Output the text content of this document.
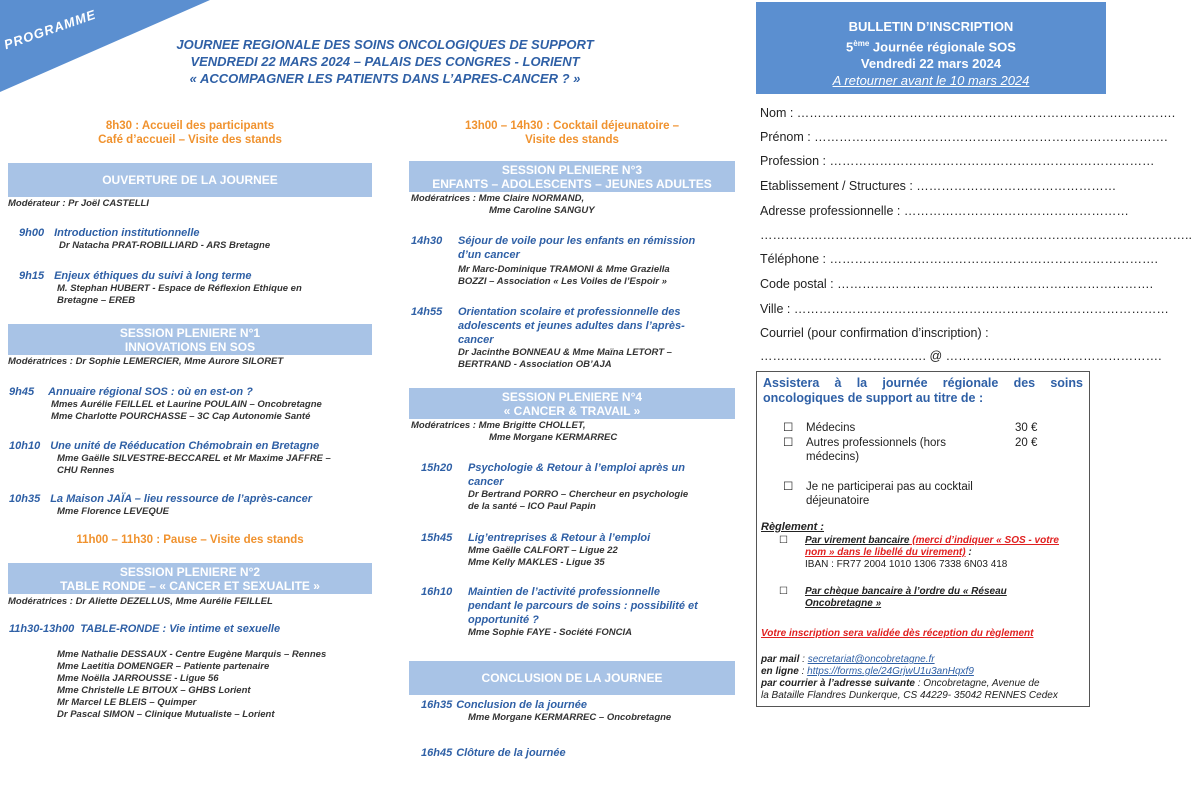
PROGRAMME	JOURNEE REGIONALE DES SOINS ONCOLOGIQUES DE SUPPORT
VENDREDI 22 MARS 2024 – PALAIS DES CONGRES - LORIENT
« ACCOMPAGNER LES PATIENTS DANS L’APRES-CANCER ? »
8h30 : Accueil des participants
Café d’accueil – Visite des stands
OUVERTURE DE LA JOURNEE
Modérateur : Pr Joël CASTELLI
9h00 Introduction institutionnelle
Dr Natacha PRAT-ROBILLIARD - ARS Bretagne
9h15 Enjeux éthiques du suivi à long terme
M. Stephan HUBERT - Espace de Réflexion Ethique en
Bretagne – EREB
SESSION PLENIERE N°1
INNOVATIONS EN SOS
Modératrices : Dr Sophie LEMERCIER, Mme Aurore SILORET
9h45 Annuaire régional SOS : où en est-on ?
Mmes Aurélie FEILLEL et Laurine POULAIN – Oncobretagne
Mme Charlotte POURCHASSE – 3C Cap Autonomie Santé
10h10 Une unité de Rééducation Chémobrain en Bretagne
Mme Gaëlle SILVESTRE-BECCAREL et Mr Maxime JAFFRE –
CHU Rennes
10h35 La Maison JAÏA – lieu ressource de l’après-cancer
Mme Florence LEVEQUE
11h00 – 11h30 : Pause – Visite des stands
SESSION PLENIERE N°2
TABLE RONDE – « CANCER ET SEXUALITE »
Modératrices : Dr Aliette DEZELLUS, Mme Aurélie FEILLEL
11h30-13h00 TABLE-RONDE : Vie intime et sexuelle
Mme Nathalie DESSAUX - Centre Eugène Marquis – Rennes
Mme Laetitia DOMENGER – Patiente partenaire
Mme Noëlla JARROUSSE - Ligue 56
Mme Christelle LE BITOUX – GHBS Lorient
Mr Marcel LE BLEIS – Quimper
Dr Pascal SIMON – Clinique Mutualiste – Lorient
13h00 – 14h30 : Cocktail déjeunatoire –
Visite des stands
SESSION PLENIERE N°3
ENFANTS – ADOLESCENTS – JEUNES ADULTES
Modératrices : Mme Claire NORMAND,
Mme Caroline SANGUY
14h30 Séjour de voile pour les enfants en rémission
d’un cancer
Mr Marc-Dominique TRAMONI & Mme Graziella
BOZZI – Association « Les Voiles de l’Espoir »
14h55 Orientation scolaire et professionnelle des
adolescents et jeunes adultes dans l’après-
cancer
Dr Jacinthe BONNEAU & Mme Maïna LETORT –
BERTRAND - Association OB’AJA
SESSION PLENIERE N°4
« CANCER & TRAVAIL »
Modératrices : Mme Brigitte CHOLLET,
Mme Morgane KERMARREC
15h20 Psychologie & Retour à l’emploi après un
cancer
Dr Bertrand PORRO – Chercheur en psychologie
de la santé – ICO Paul Papin
15h45 Lig’entreprises & Retour à l’emploi
Mme Gaëlle CALFORT – Ligue 22
Mme Kelly MAKLES - Ligue 35
16h10 Maintien de l’activité professionnelle
pendant le parcours de soins : possibilité et
opportunité ?
Mme Sophie FAYE - Société FONCIA
CONCLUSION DE LA JOURNEE
16h35 Conclusion de la journée
Mme Morgane KERMARREC – Oncobretagne
16h45 Clôture de la journée
BULLETIN D’INSCRIPTION
5ème Journée régionale SOS
Vendredi 22 mars 2024
A retourner avant le 10 mars 2024
Nom : ……………………………………………………………………………….
Prénom : ………………………………………………………………………….
Profession : ……………………………………………………………………
Etablissement / Structures : …………………………………………
Adresse professionnelle : ………………………………………………
…………………………………………………………………………………………..
Téléphone : …………………………………………………………………….
Code postal : ………………………………………………………………….
Ville : ………………………………………………………………………………
Courriel (pour confirmation d’inscription) :
…………………………………. @ …………………………………………….
Assistera à la journée régionale des soins oncologiques de support au titre de :
☐ Médecins	30 €
☐ Autres professionnels (hors	20 €
médecins)
☐ Je ne participerai pas au cocktail
déjeunatoire
Règlement :
☐ Par virement bancaire (merci d’indiquer « SOS - votre
nom » dans le libellé du virement) :
IBAN : FR77 2004 1010 1306 7338 6N03 418
☐ Par chèque bancaire à l’ordre du « Réseau
Oncobretagne »
Votre inscription sera validée dès réception du règlement
par mail : secretariat@oncobretagne.fr
en ligne : https://forms.gle/24GrjwU1u3anHqxf9
par courrier à l’adresse suivante : Oncobretagne, Avenue de
la Bataille Flandres Dunkerque, CS 44229- 35042 RENNES Cedex
